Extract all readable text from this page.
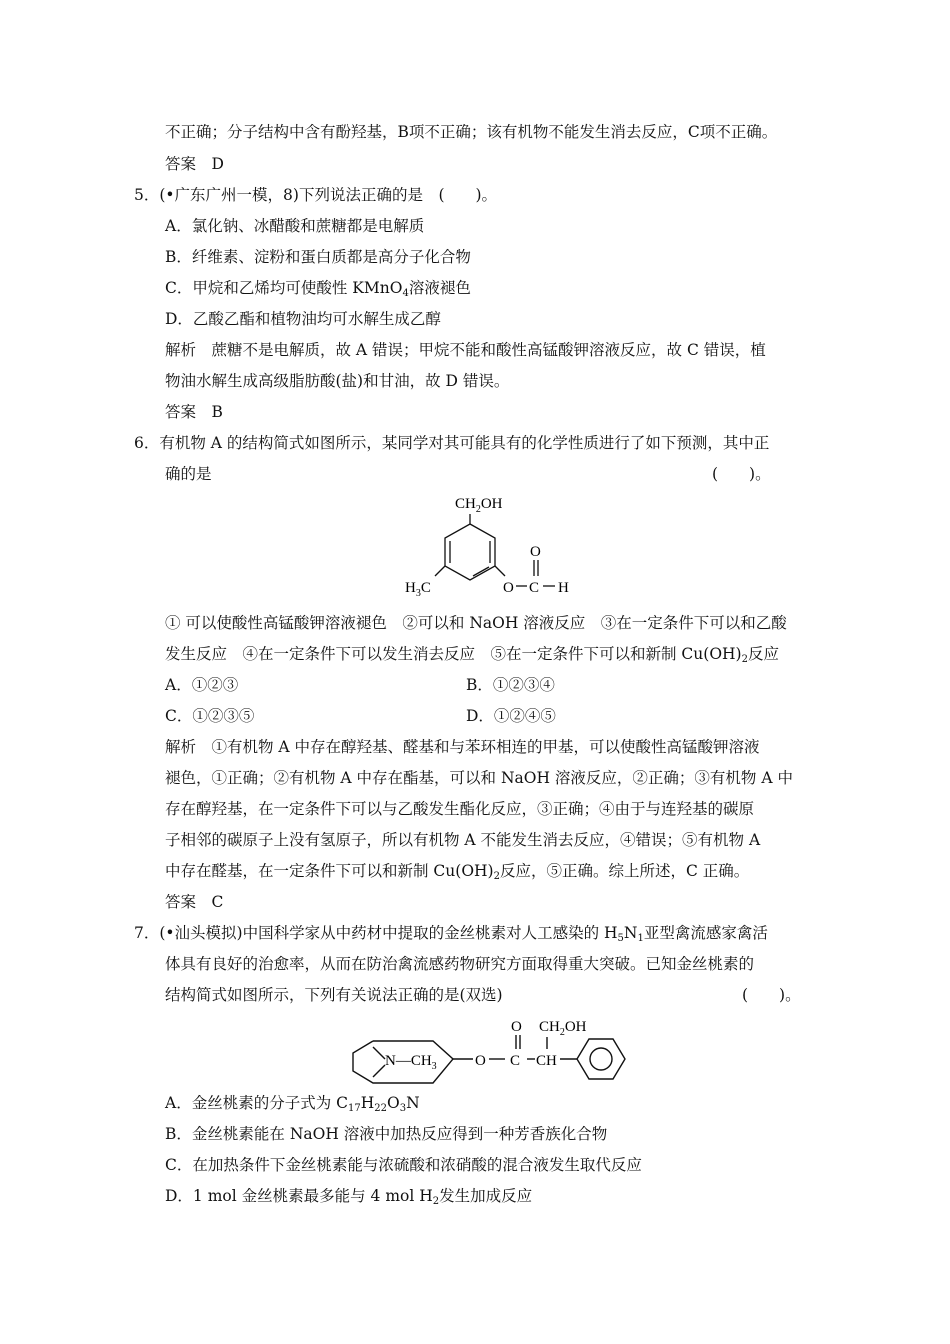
不正确；分子结构中含有酚羟基，B项不正确；该有机物不能发生消去反应，C项不正确。
答案　D
5．(•广东广州一模，8)下列说法正确的是　(　　)。
A．氯化钠、冰醋酸和蔗糖都是电解质
B．纤维素、淀粉和蛋白质都是高分子化合物
C．甲烷和乙烯均可使酸性 KMnO$_4$溶液褪色
D．乙酸乙酯和植物油均可水解生成乙醇
解析　蔗糖不是电解质，故 A 错误；甲烷不能和酸性高锰酸钾溶液反应，故 C 错误，植
物油水解生成高级脂肪酸(盐)和甘油，故 D 错误。
答案　B
6．有机物 A 的结构简式如图所示，某同学对其可能具有的化学性质进行了如下预测，其中正
确的是	(　　)。
$CH_2OH$
$H_3C$	O C H
O
① 可以使酸性高锰酸钾溶液褪色　②可以和 NaOH 溶液反应　③在一定条件下可以和乙酸
发生反应　④在一定条件下可以发生消去反应　⑤在一定条件下可以和新制 $Cu(OH)_2$反应
A．①②③	B．①②③④
C．①②③⑤	D．①②④⑤
解析　①有机物 A 中存在醇羟基、醛基和与苯环相连的甲基，可以使酸性高锰酸钾溶液
褪色，①正确；②有机物 A 中存在酯基，可以和 NaOH 溶液反应，②正确；③有机物 A 中
存在醇羟基，在一定条件下可以与乙酸发生酯化反应，③正确；④由于与连羟基的碳原
子相邻的碳原子上没有氢原子，所以有机物 A 不能发生消去反应，④错误；⑤有机物 A
中存在醛基，在一定条件下可以和新制 $Cu(OH)_2$反应，⑤正确。综上所述，C 正确。
答案　C
7．(•汕头模拟)中国科学家从中药材中提取的金丝桃素对人工感染的 $H_5N_1$亚型禽流感家禽活
体具有良好的治愈率，从而在防治禽流感药物研究方面取得重大突破。已知金丝桃素的
结构简式如图所示，下列有关说法正确的是(双选)	(　　)。
$N—CH_3$	O C CH
O $CH_2OH$
A．金丝桃素的分子式为 $C_{17}H_{22}O_3N$
B．金丝桃素能在 NaOH 溶液中加热反应得到一种芳香族化合物
C．在加热条件下金丝桃素能与浓硫酸和浓硝酸的混合液发生取代反应
D．1 mol 金丝桃素最多能与 4 mol $H_2$发生加成反应
